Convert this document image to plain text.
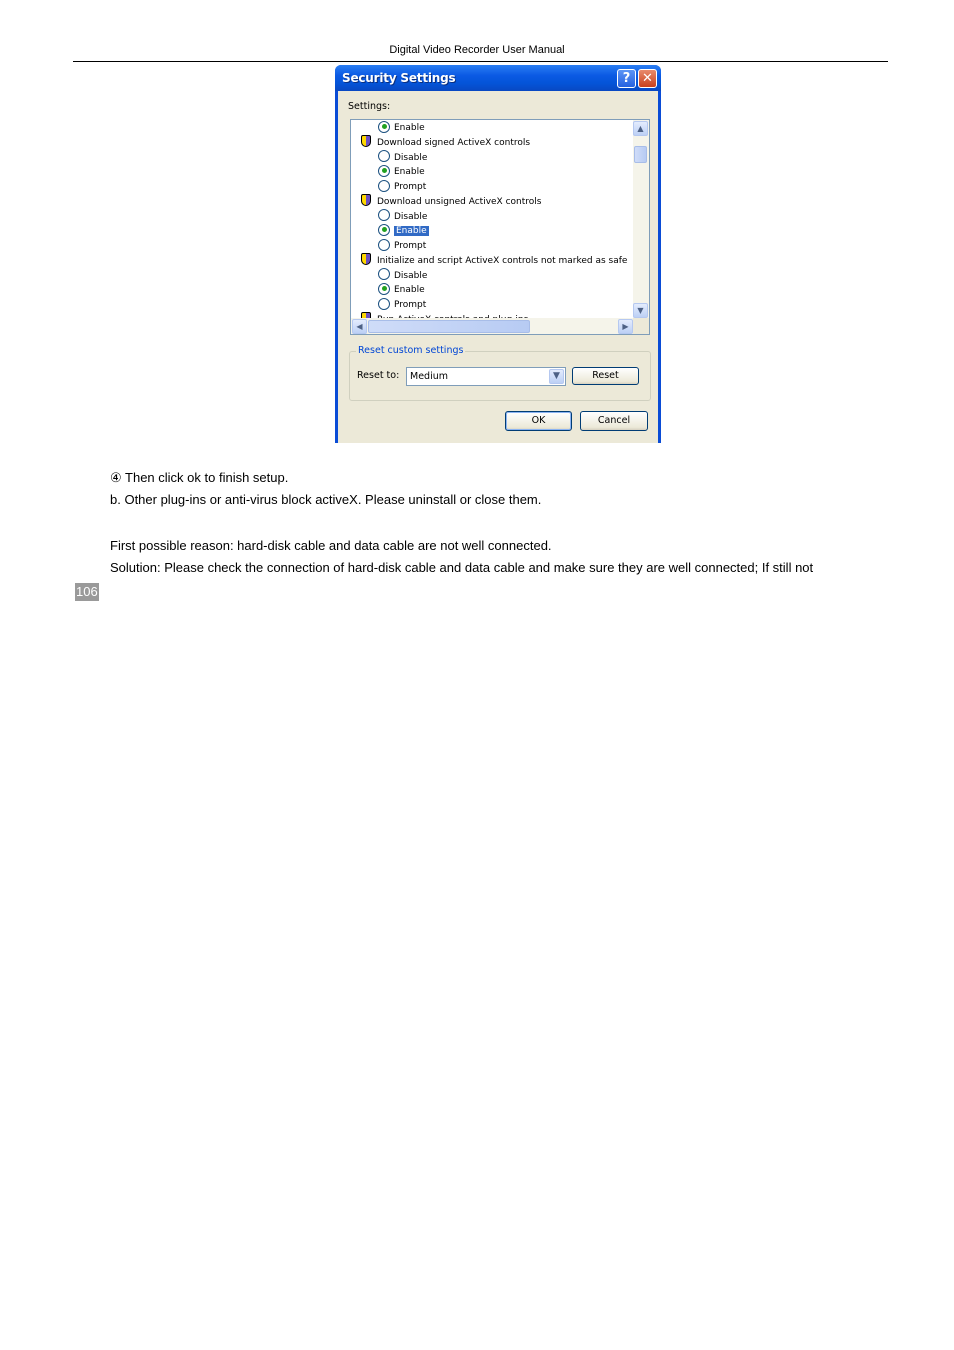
Digital Video Recorder User Manual
Security Settings	? ✕
Settings:
Enable
Download signed ActiveX controls
Disable
Enable
Prompt
Download unsigned ActiveX controls
Disable
Enable
Prompt
Initialize and script ActiveX controls not marked as safe
Disable
Enable
Prompt
▲
▼
◀	▶
Reset custom settings
Reset to: Medium	▼	Reset
OK	Cancel
④ Then click ok to finish setup.
b. Other plug-ins or anti-virus block activeX. Please uninstall or close them.
First possible reason: hard-disk cable and data cable are not well connected.
Solution: Please check the connection of hard-disk cable and data cable and make sure they are well connected; If still not
106
